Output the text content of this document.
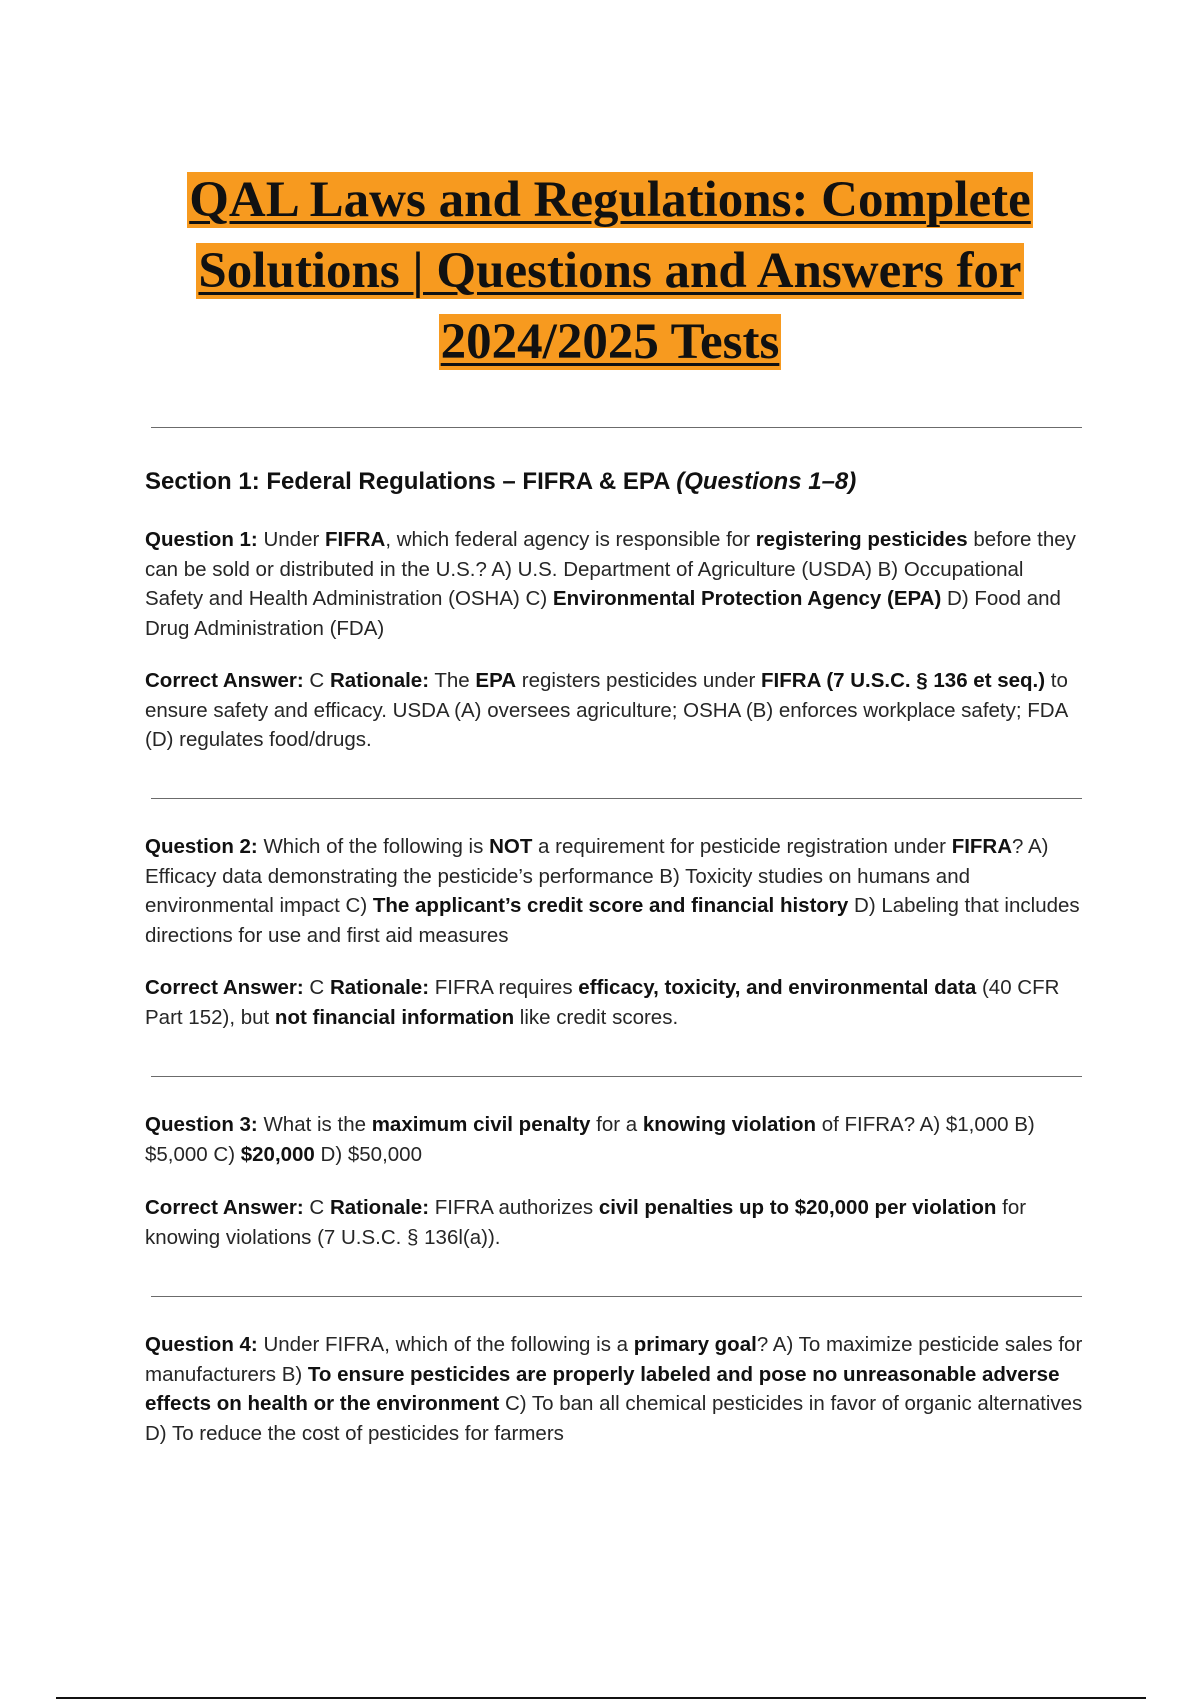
QAL Laws and Regulations: Complete
Solutions | Questions and Answers for
2024/2025 Tests
Section 1: Federal Regulations – FIFRA & EPA (Questions 1–8)

Question 1: Under FIFRA, which federal agency is responsible for registering pesticides before they can be sold or distributed in the U.S.? A) U.S. Department of Agriculture (USDA) B) Occupational Safety and Health Administration (OSHA) C) Environmental Protection Agency (EPA) D) Food and Drug Administration (FDA)

Correct Answer: C Rationale: The EPA registers pesticides under FIFRA (7 U.S.C. § 136 et seq.) to ensure safety and efficacy. USDA (A) oversees agriculture; OSHA (B) enforces workplace safety; FDA (D) regulates food/drugs.

Question 2: Which of the following is NOT a requirement for pesticide registration under FIFRA? A) Efficacy data demonstrating the pesticide’s performance B) Toxicity studies on humans and environmental impact C) The applicant’s credit score and financial history D) Labeling that includes directions for use and first aid measures

Correct Answer: C Rationale: FIFRA requires efficacy, toxicity, and environmental data (40 CFR Part 152), but not financial information like credit scores.

Question 3: What is the maximum civil penalty for a knowing violation of FIFRA? A) $1,000 B) $5,000 C) $20,000 D) $50,000

Correct Answer: C Rationale: FIFRA authorizes civil penalties up to $20,000 per violation for knowing violations (7 U.S.C. § 136l(a)).

Question 4: Under FIFRA, which of the following is a primary goal? A) To maximize pesticide sales for manufacturers B) To ensure pesticides are properly labeled and pose no unreasonable adverse effects on health or the environment C) To ban all chemical pesticides in favor of organic alternatives D) To reduce the cost of pesticides for farmers
